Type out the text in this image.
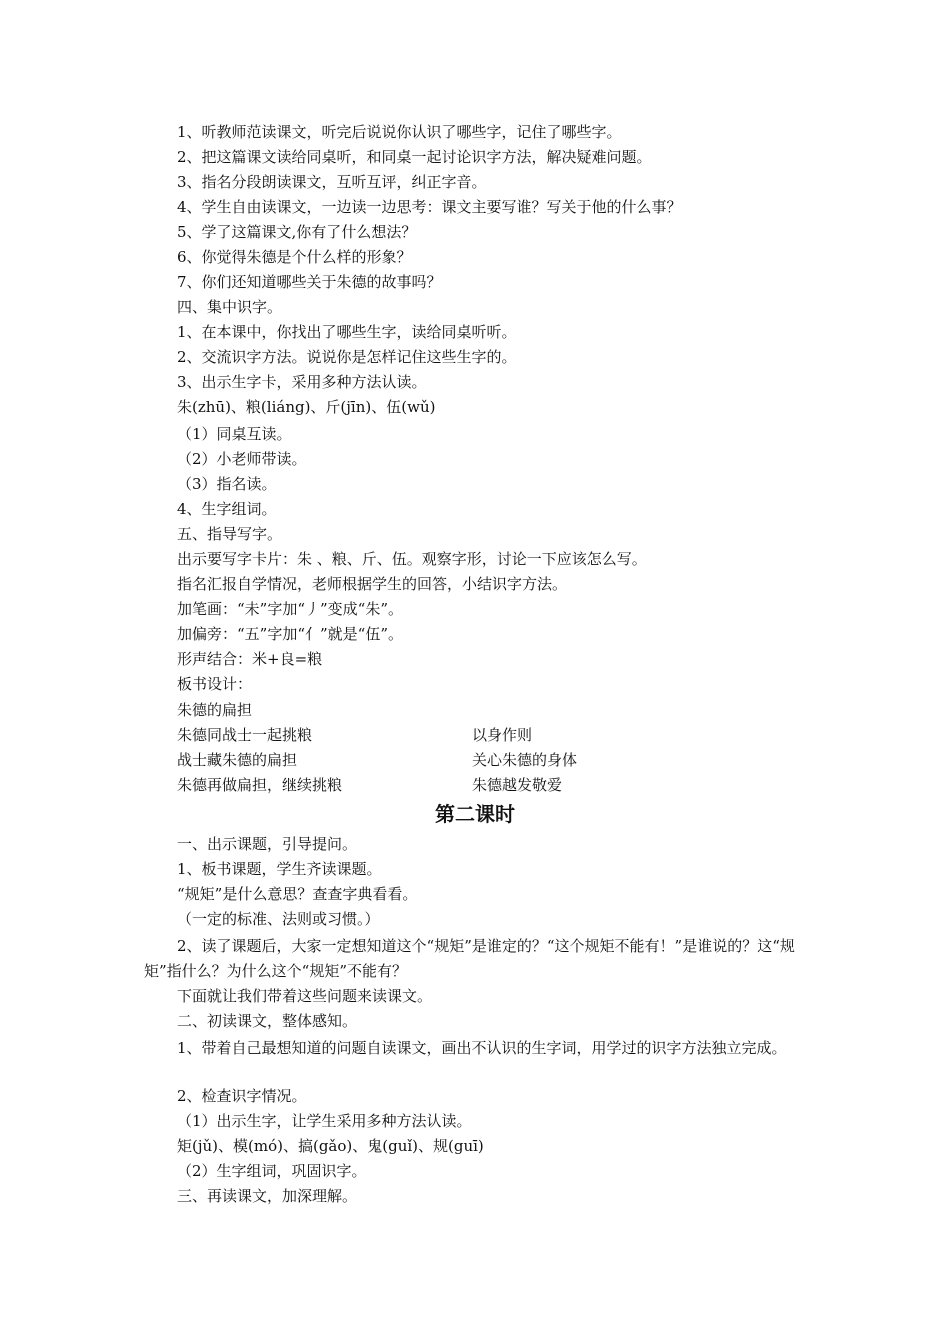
1、听教师范读课文，听完后说说你认识了哪些字，记住了哪些字。
2、把这篇课文读给同桌听，和同桌一起讨论识字方法，解决疑难问题。
3、指名分段朗读课文，互听互评，纠正字音。
4、学生自由读课文，一边读一边思考：课文主要写谁？写关于他的什么事？
5、学了这篇课文,你有了什么想法？
6、你觉得朱德是个什么样的形象？
7、你们还知道哪些关于朱德的故事吗？
四、集中识字。
1、在本课中，你找出了哪些生字，读给同桌听听。
2、交流识字方法。说说你是怎样记住这些生字的。
3、出示生字卡，采用多种方法认读。
朱(zhū)、粮(liáng)、斤(jīn)、伍(wǔ)
（1）同桌互读。
（2）小老师带读。
（3）指名读。
4、生字组词。
五、指导写字。
出示要写字卡片：朱 、粮、斤、伍。观察字形，讨论一下应该怎么写。
指名汇报自学情况，老师根据学生的回答，小结识字方法。
加笔画：“未”字加“丿”变成“朱”。
加偏旁：“五”字加“亻”就是“伍”。
形声结合：米+良=粮
板书设计：
朱德的扁担
朱德同战士一起挑粮	以身作则
战士藏朱德的扁担	关心朱德的身体
朱德再做扁担，继续挑粮	朱德越发敬爱
第二课时
一、出示课题，引导提问。
1、板书课题，学生齐读课题。
“规矩”是什么意思？查查字典看看。
（一定的标准、法则或习惯。）
2、读了课题后，大家一定想知道这个“规矩”是谁定的？“这个规矩不能有！”是谁说的？这“规矩”指什么？为什么这个“规矩”不能有？
下面就让我们带着这些问题来读课文。
二、初读课文，整体感知。
1、带着自己最想知道的问题自读课文，画出不认识的生字词，用学过的识字方法独立完成。
2、检查识字情况。
（1）出示生字，让学生采用多种方法认读。
矩(jǔ)、模(mó)、搞(gǎo)、鬼(guǐ)、规(guī)
（2）生字组词，巩固识字。
三、再读课文，加深理解。
